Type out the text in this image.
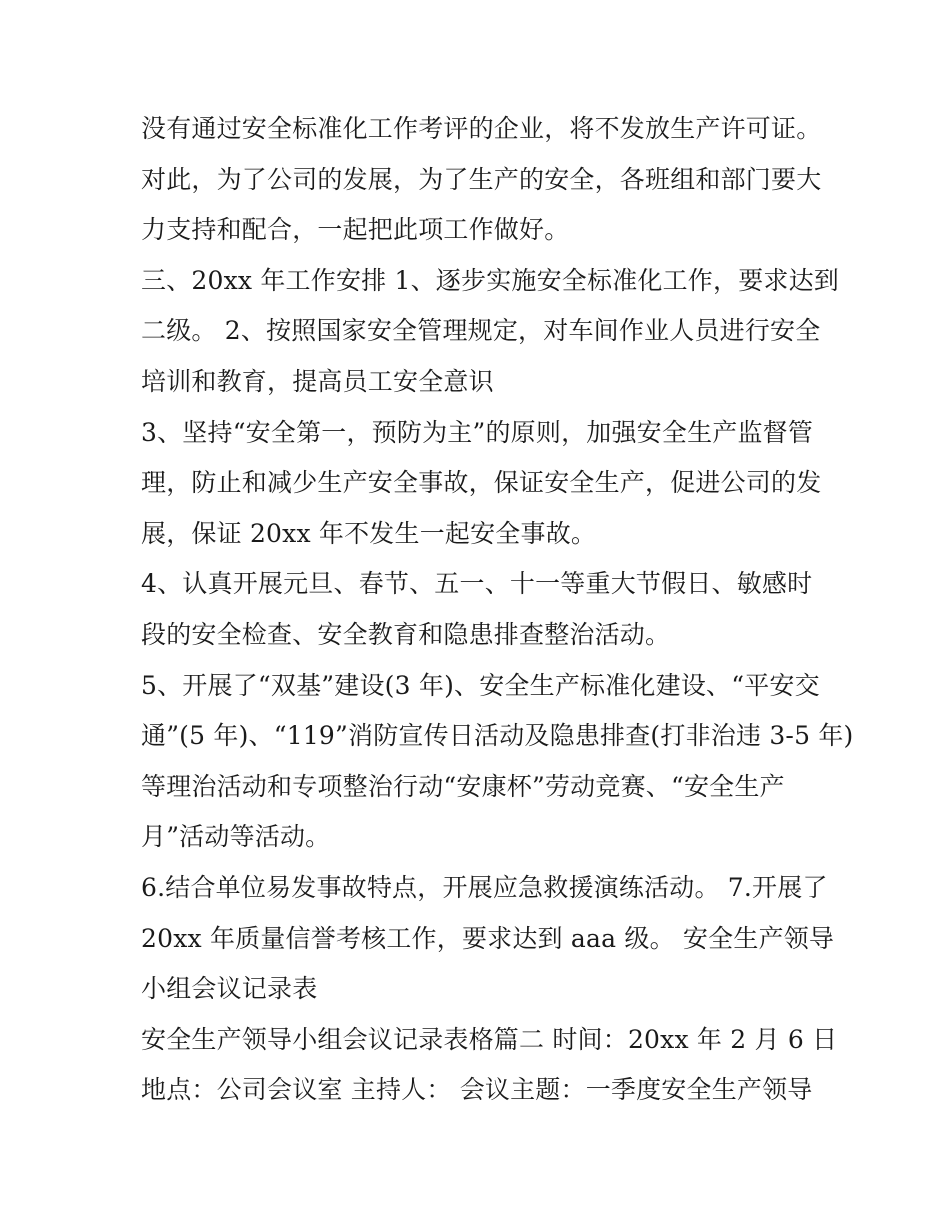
没有通过安全标准化工作考评的企业，将不发放生产许可证。
对此，为了公司的发展，为了生产的安全，各班组和部门要大
力支持和配合，一起把此项工作做好。
三、20xx 年工作安排 1、逐步实施安全标准化工作，要求达到
二级。 2、按照国家安全管理规定，对车间作业人员进行安全
培训和教育，提高员工安全意识
3、坚持“安全第一，预防为主”的原则，加强安全生产监督管
理，防止和减少生产安全事故，保证安全生产，促进公司的发
展，保证 20xx 年不发生一起安全事故。
4、认真开展元旦、春节、五一、十一等重大节假日、敏感时
段的安全检查、安全教育和隐患排查整治活动。
5、开展了“双基”建设(3 年)、安全生产标准化建设、“平安交
通”(5 年)、“119”消防宣传日活动及隐患排查(打非治违 3-5 年)
等理治活动和专项整治行动“安康杯”劳动竞赛、“安全生产
月”活动等活动。
6.结合单位易发事故特点，开展应急救援演练活动。 7.开展了
20xx 年质量信誉考核工作，要求达到 aaa 级。 安全生产领导
小组会议记录表
安全生产领导小组会议记录表格篇二 时间：20xx 年 2 月 6 日
地点：公司会议室 主持人： 会议主题：一季度安全生产领导
